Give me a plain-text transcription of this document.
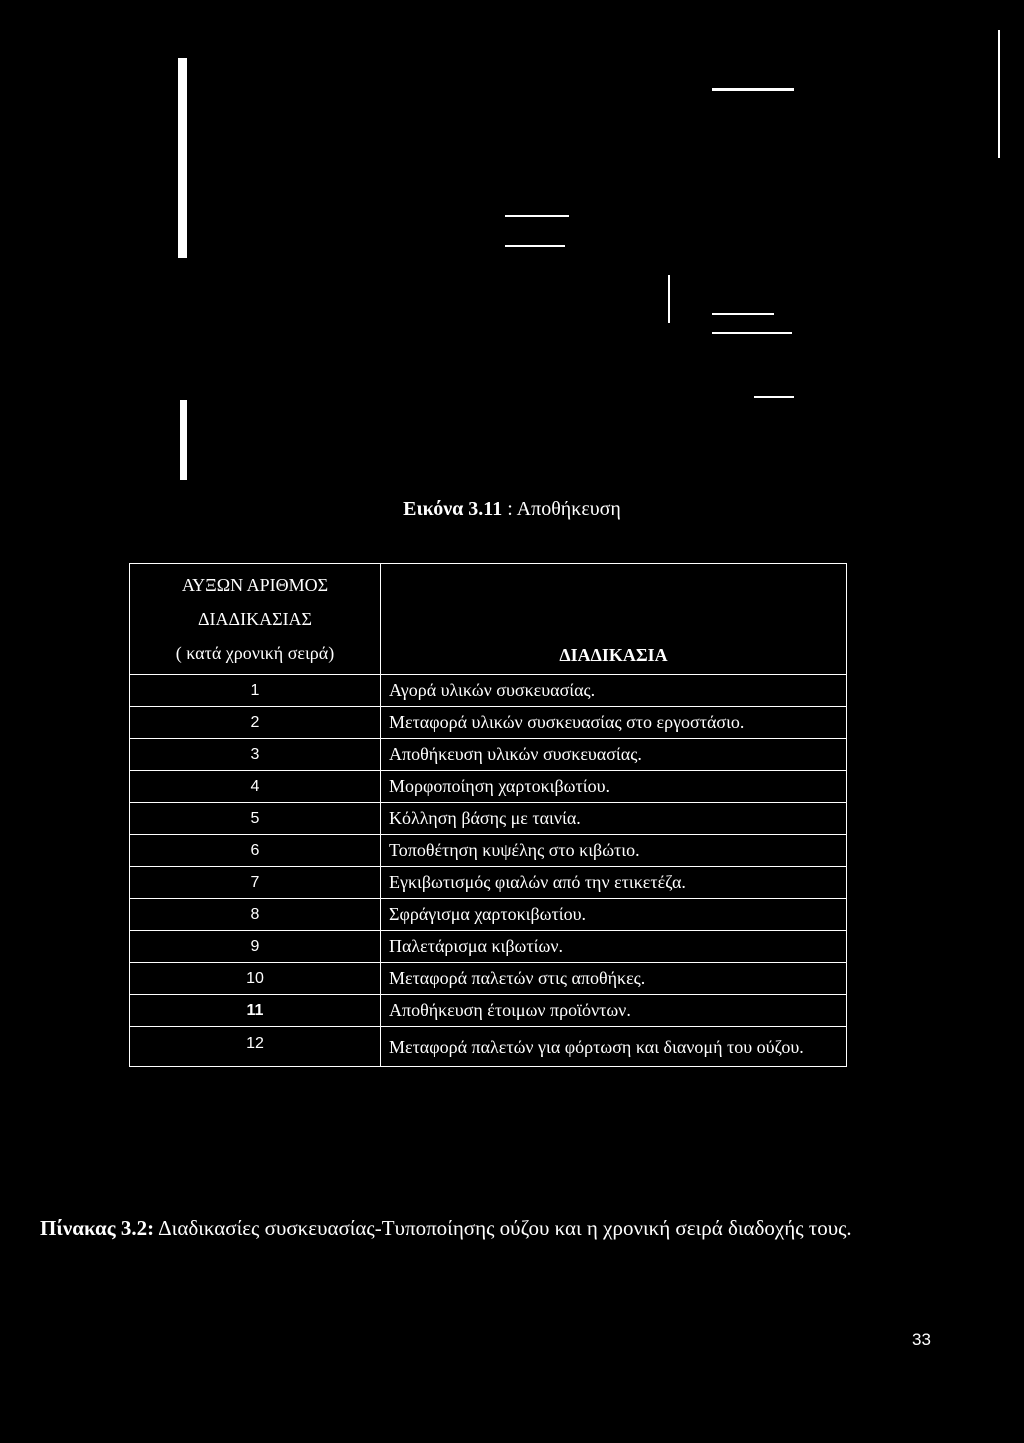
Εικόνα 3.11 : Αποθήκευση
ΑΥΞΩΝ ΑΡΙΘΜΟΣ
ΔΙΑΔΙΚΑΣΙΑΣ
( κατά χρονική σειρά)	ΔΙΑΔΙΚΑΣΙΑ
1	Αγορά υλικών συσκευασίας.
2	Μεταφορά υλικών συσκευασίας στο εργοστάσιο.
3	Αποθήκευση υλικών συσκευασίας.
4	Μορφοποίηση χαρτοκιβωτίου.
5	Κόλληση βάσης με ταινία.
6	Τοποθέτηση κυψέλης στο κιβώτιο.
7	Εγκιβωτισμός φιαλών από την ετικετέζα.
8	Σφράγισμα χαρτοκιβωτίου.
9	Παλετάρισμα κιβωτίων.
10	Μεταφορά παλετών στις αποθήκες.
11	Αποθήκευση έτοιμων προϊόντων.
12	Μεταφορά παλετών για φόρτωση και διανομή του ούζου.
Πίνακας 3.2: Διαδικασίες συσκευασίας-Τυποποίησης ούζου και η χρονική σειρά διαδοχής τους.
33
